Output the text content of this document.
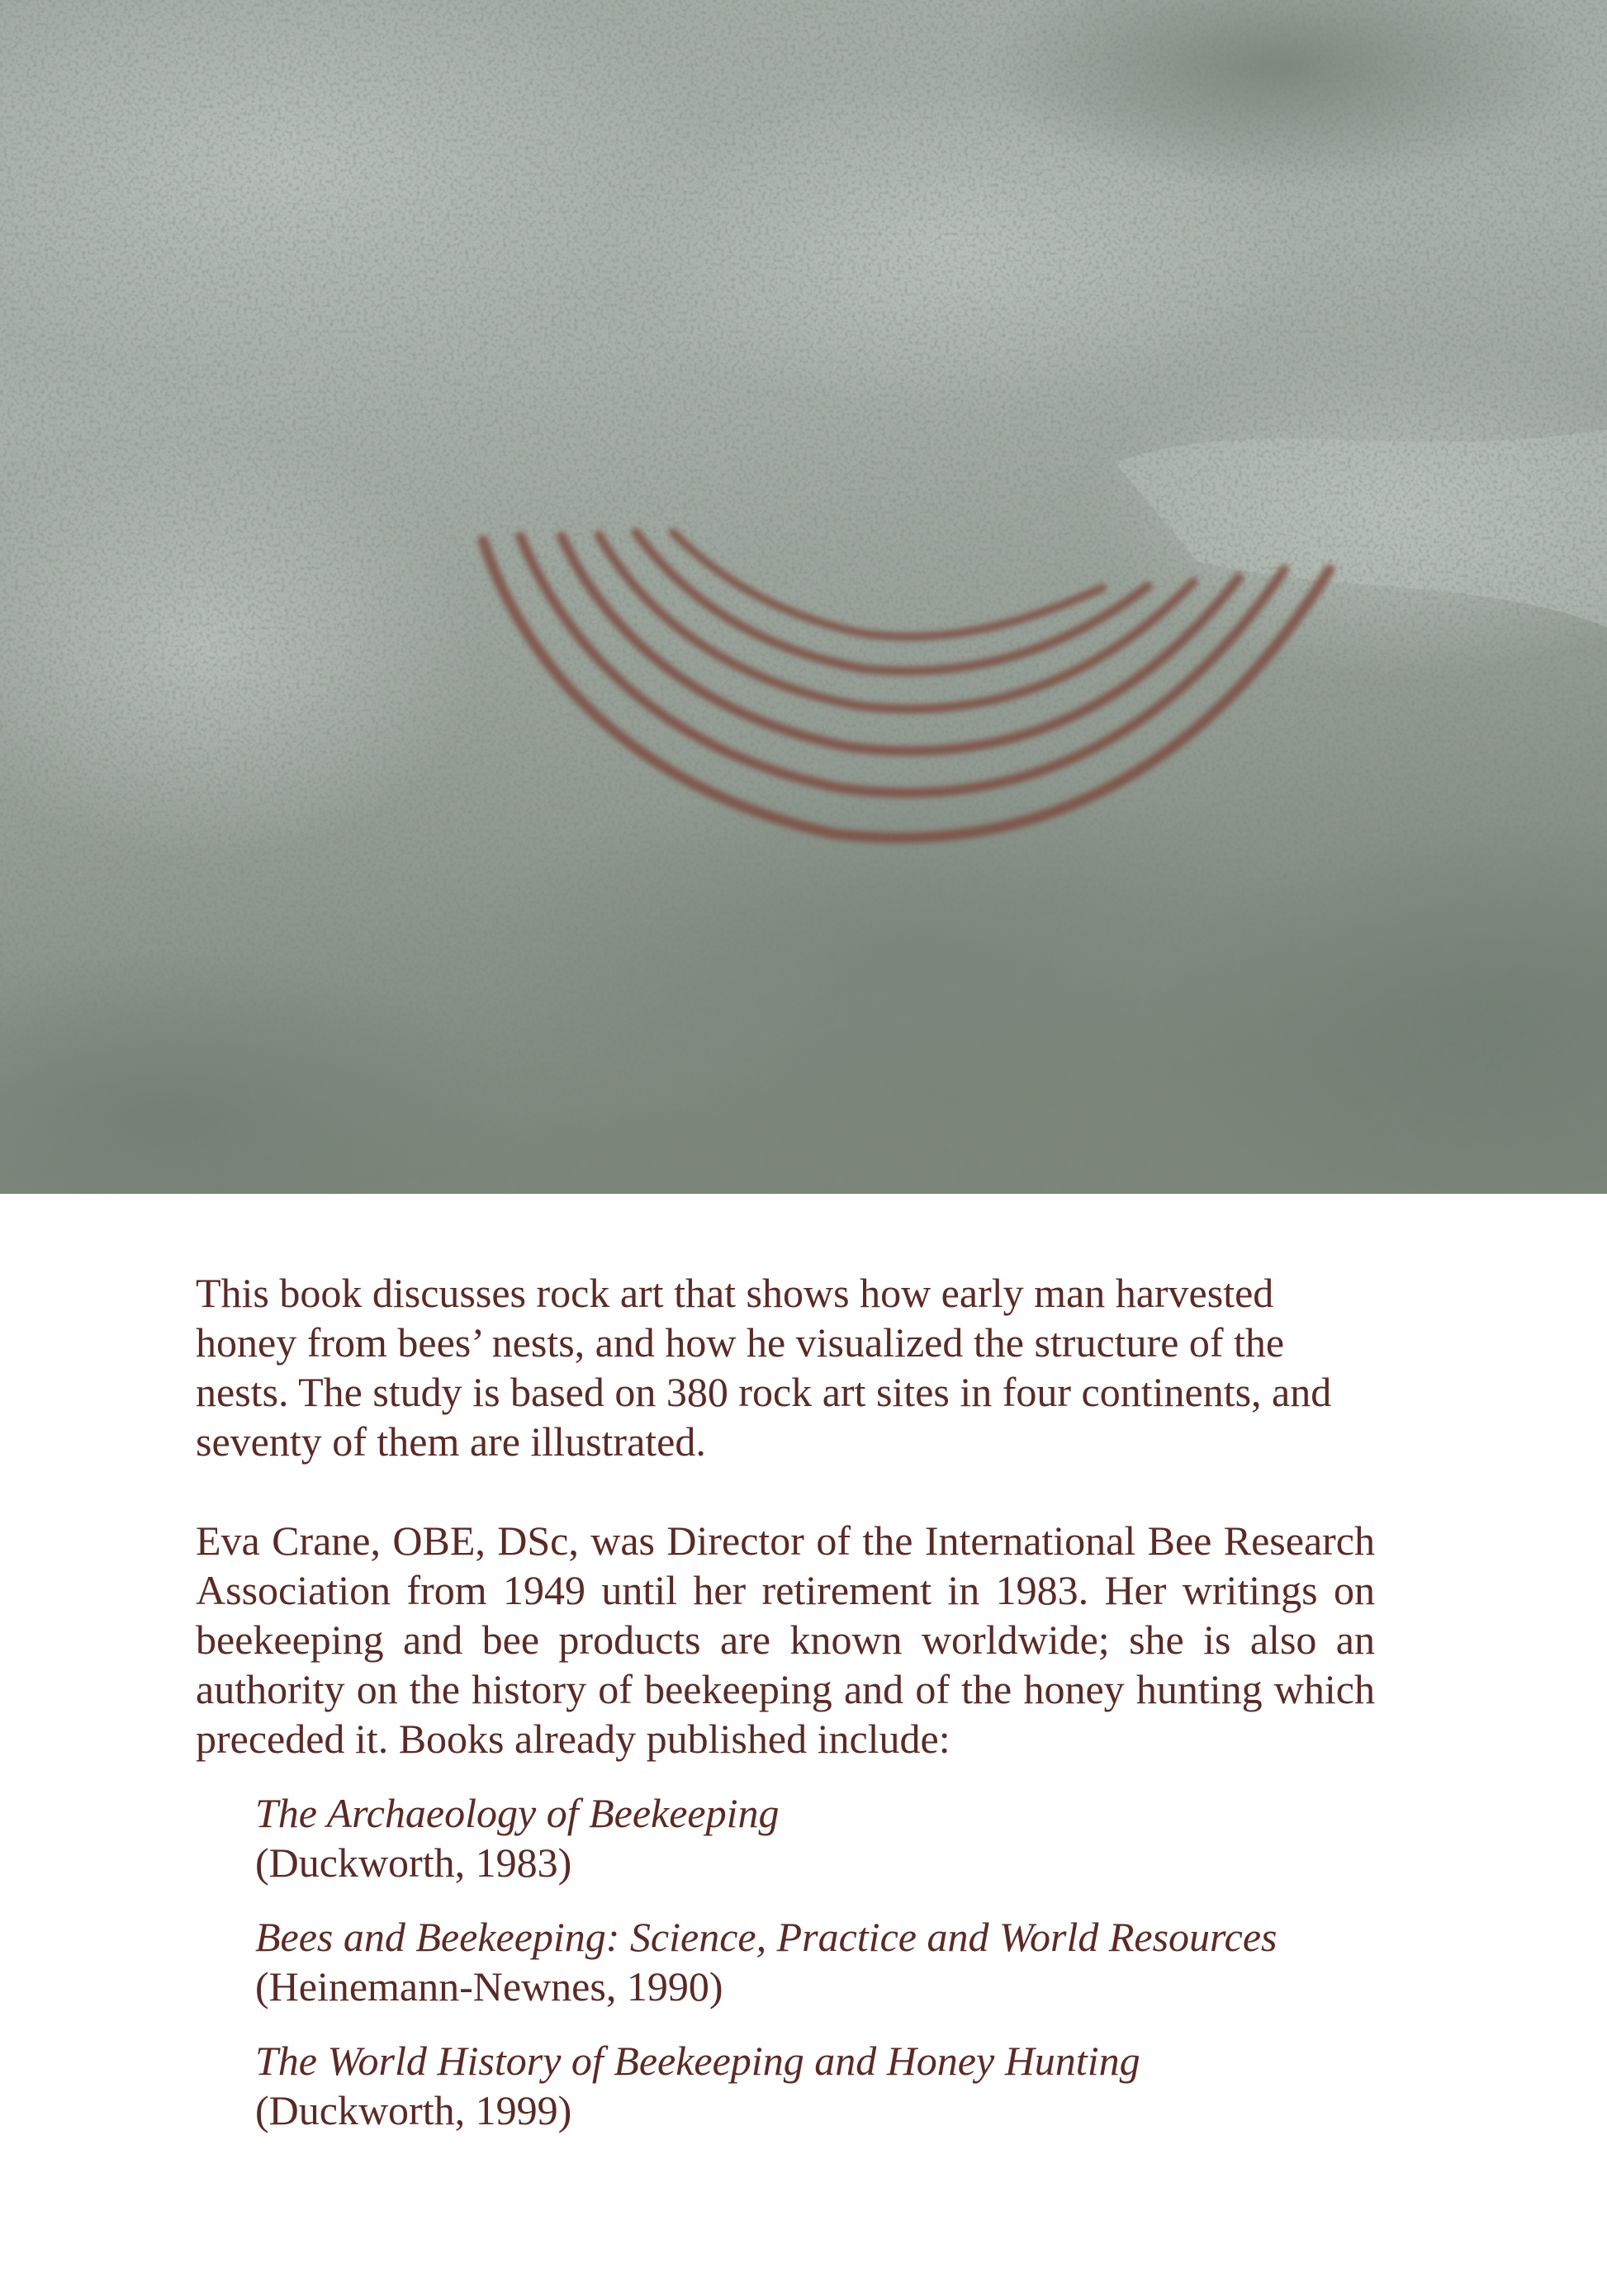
This book discusses rock art that shows how early man harvested honey from bees’ nests, and how he visualized the structure of the nests. The study is based on 380 rock art sites in four continents, and seventy of them are illustrated.

Eva Crane, OBE, DSc, was Director of the International Bee Research Association from 1949 until her retirement in 1983. Her writings on beekeeping and bee products are known worldwide; she is also an authority on the history of beekeeping and of the honey hunting which preceded it. Books already published include:

The Archaeology of Beekeeping
(Duckworth, 1983)
Bees and Beekeeping: Science, Practice and World Resources
(Heinemann-Newnes, 1990)
The World History of Beekeeping and Honey Hunting
(Duckworth, 1999)
